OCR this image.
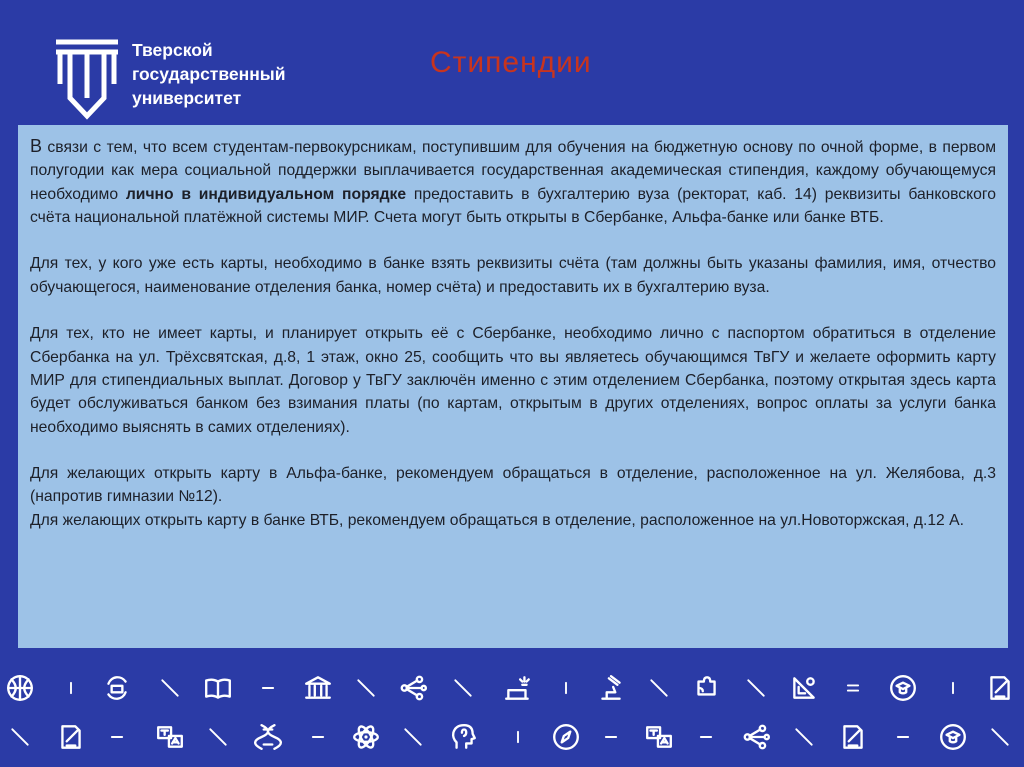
Тверской
государственный
университет
Стипендии

В связи с тем, что всем студентам-первокурсникам, поступившим для обучения на бюджетную основу по очной форме, в первом полугодии как мера социальной поддержки выплачивается государственная академическая стипендия, каждому обучающемуся необходимо лично в индивидуальном порядке предоставить в бухгалтерию вуза (ректорат, каб. 14) реквизиты банковского счёта национальной платёжной системы МИР. Счета могут быть открыты в Сбербанке, Альфа-банке или банке ВТБ.

Для тех, у кого уже есть карты, необходимо в банке взять реквизиты счёта (там должны быть указаны фамилия, имя, отчество обучающегося, наименование отделения банка, номер счёта) и предоставить их в бухгалтерию вуза.

Для тех, кто не имеет карты, и планирует открыть её с Сбербанке, необходимо лично с паспортом обратиться в отделение Сбербанка на ул. Трёхсвятская, д.8, 1 этаж, окно 25, сообщить что вы являетесь обучающимся ТвГУ и желаете оформить карту МИР для стипендиальных выплат. Договор у ТвГУ заключён именно с этим отделением Сбербанка, поэтому открытая здесь карта будет обслуживаться банком без взимания платы (по картам, открытым в других отделениях, вопрос оплаты за услуги банка необходимо выяснять в самих отделениях).

Для желающих открыть карту в Альфа-банке, рекомендуем обращаться в отделение, расположенное на ул. Желябова, д.3 (напротив гимназии №12).

Для желающих открыть карту в банке ВТБ, рекомендуем обращаться в отделение, расположенное на ул.Новоторжская, д.12 А.
